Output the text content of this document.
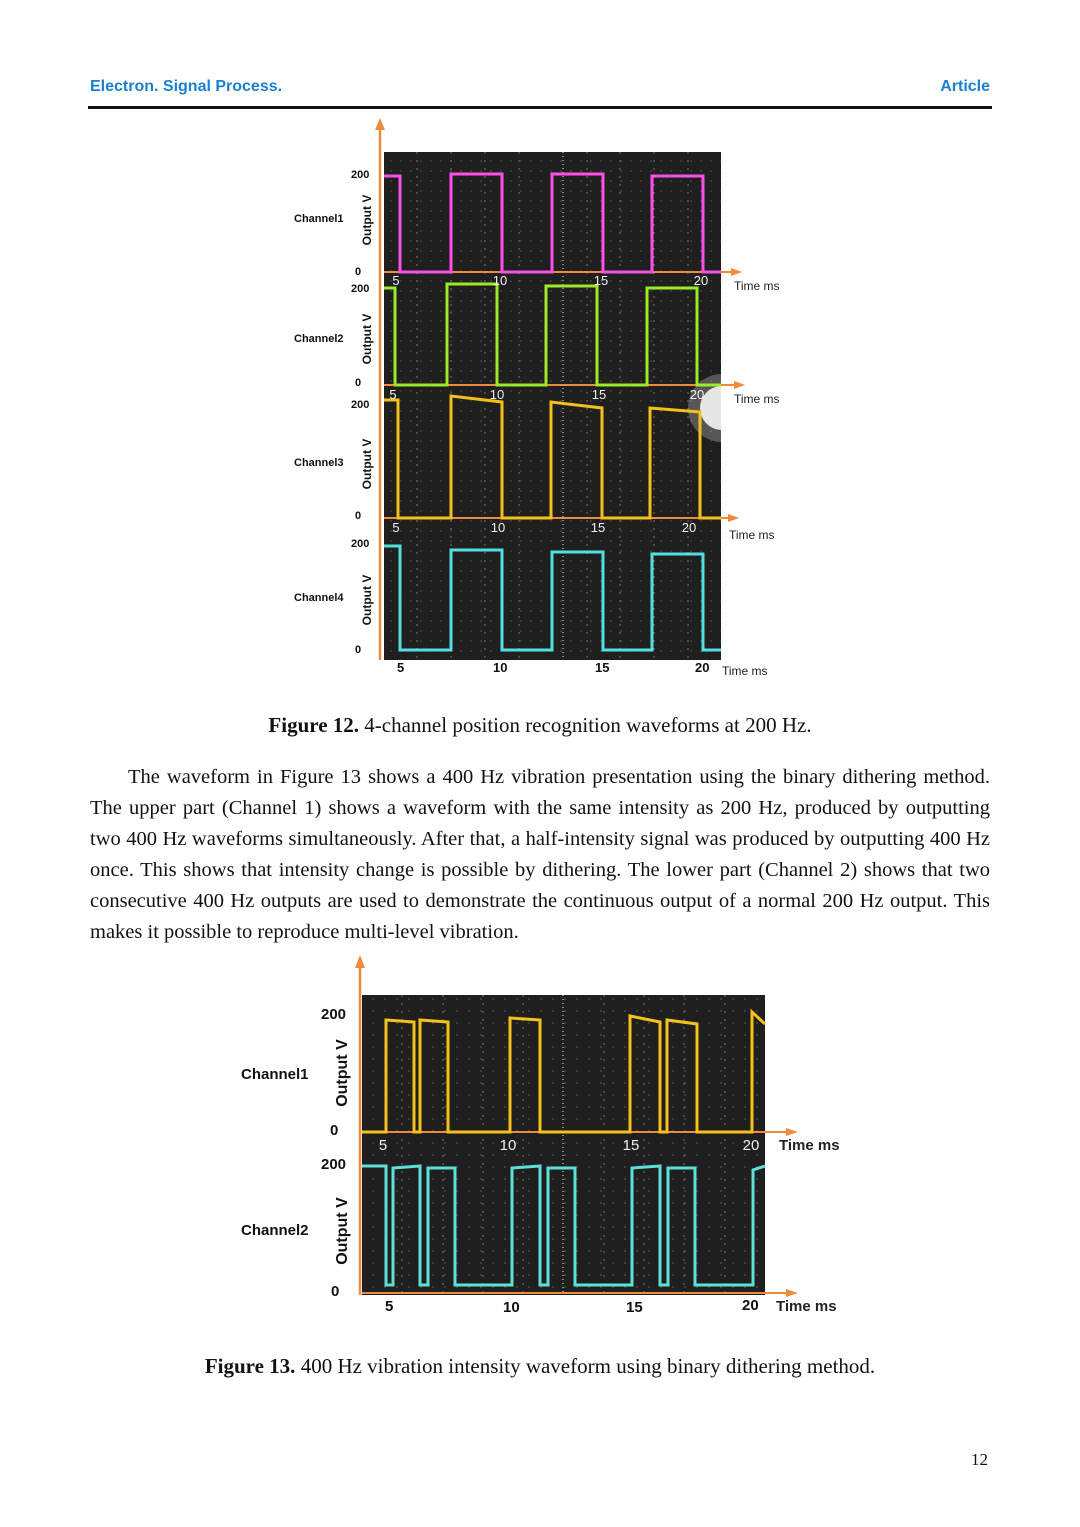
Electron. Signal Process.	Article
5	10	15	20
5	10	15	20
5	10	15	20
Channel1
Channel2
Channel3
Channel4
200
0
Output V
200
0
Output V
200
0
Output V
200
0
Output V
Time ms
Time ms
Time ms
5	10	15	20 Time ms
Figure 12. 4-channel position recognition waveforms at 200 Hz.

The waveform in Figure 13 shows a 400 Hz vibration presentation using the binary dithering method. The upper part (Channel 1) shows a waveform with the same intensity as 200 Hz, produced by outputting two 400 Hz waveforms simultaneously. After that, a half-intensity signal was produced by outputting 400 Hz once. This shows that intensity change is possible by dithering. The lower part (Channel 2) shows that two consecutive 400 Hz outputs are used to demonstrate the continuous output of a normal 200 Hz output. This makes it possible to reproduce multi-level vibration.

5	10	15	20
Channel1
Channel2
200
0
Output V
200
0
Output V
Time ms
5	10	15	20 Time ms
Figure 13. 400 Hz vibration intensity waveform using binary dithering method.
12
